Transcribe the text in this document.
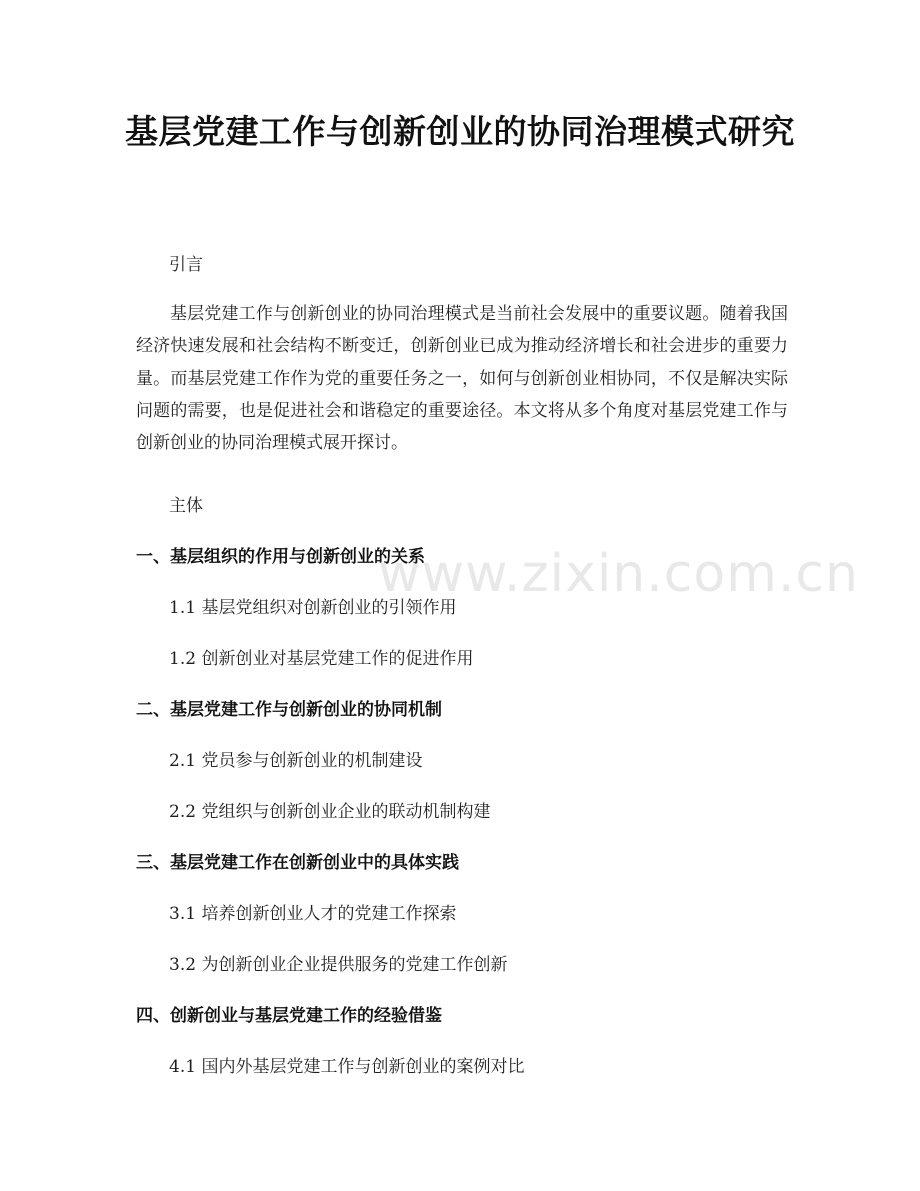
基层党建工作与创新创业的协同治理模式研究
引言
基层党建工作与创新创业的协同治理模式是当前社会发展中的重要议题。随着我国经济快速发展和社会结构不断变迁，创新创业已成为推动经济增长和社会进步的重要力量。而基层党建工作作为党的重要任务之一，如何与创新创业相协同，不仅是解决实际问题的需要，也是促进社会和谐稳定的重要途径。本文将从多个角度对基层党建工作与创新创业的协同治理模式展开探讨。
主体
一、基层组织的作用与创新创业的关系
1.1 基层党组织对创新创业的引领作用
1.2 创新创业对基层党建工作的促进作用
二、基层党建工作与创新创业的协同机制
2.1 党员参与创新创业的机制建设
2.2 党组织与创新创业企业的联动机制构建
三、基层党建工作在创新创业中的具体实践
3.1 培养创新创业人才的党建工作探索
3.2 为创新创业企业提供服务的党建工作创新
四、创新创业与基层党建工作的经验借鉴
4.1 国内外基层党建工作与创新创业的案例对比
www.zixin.com.cn
